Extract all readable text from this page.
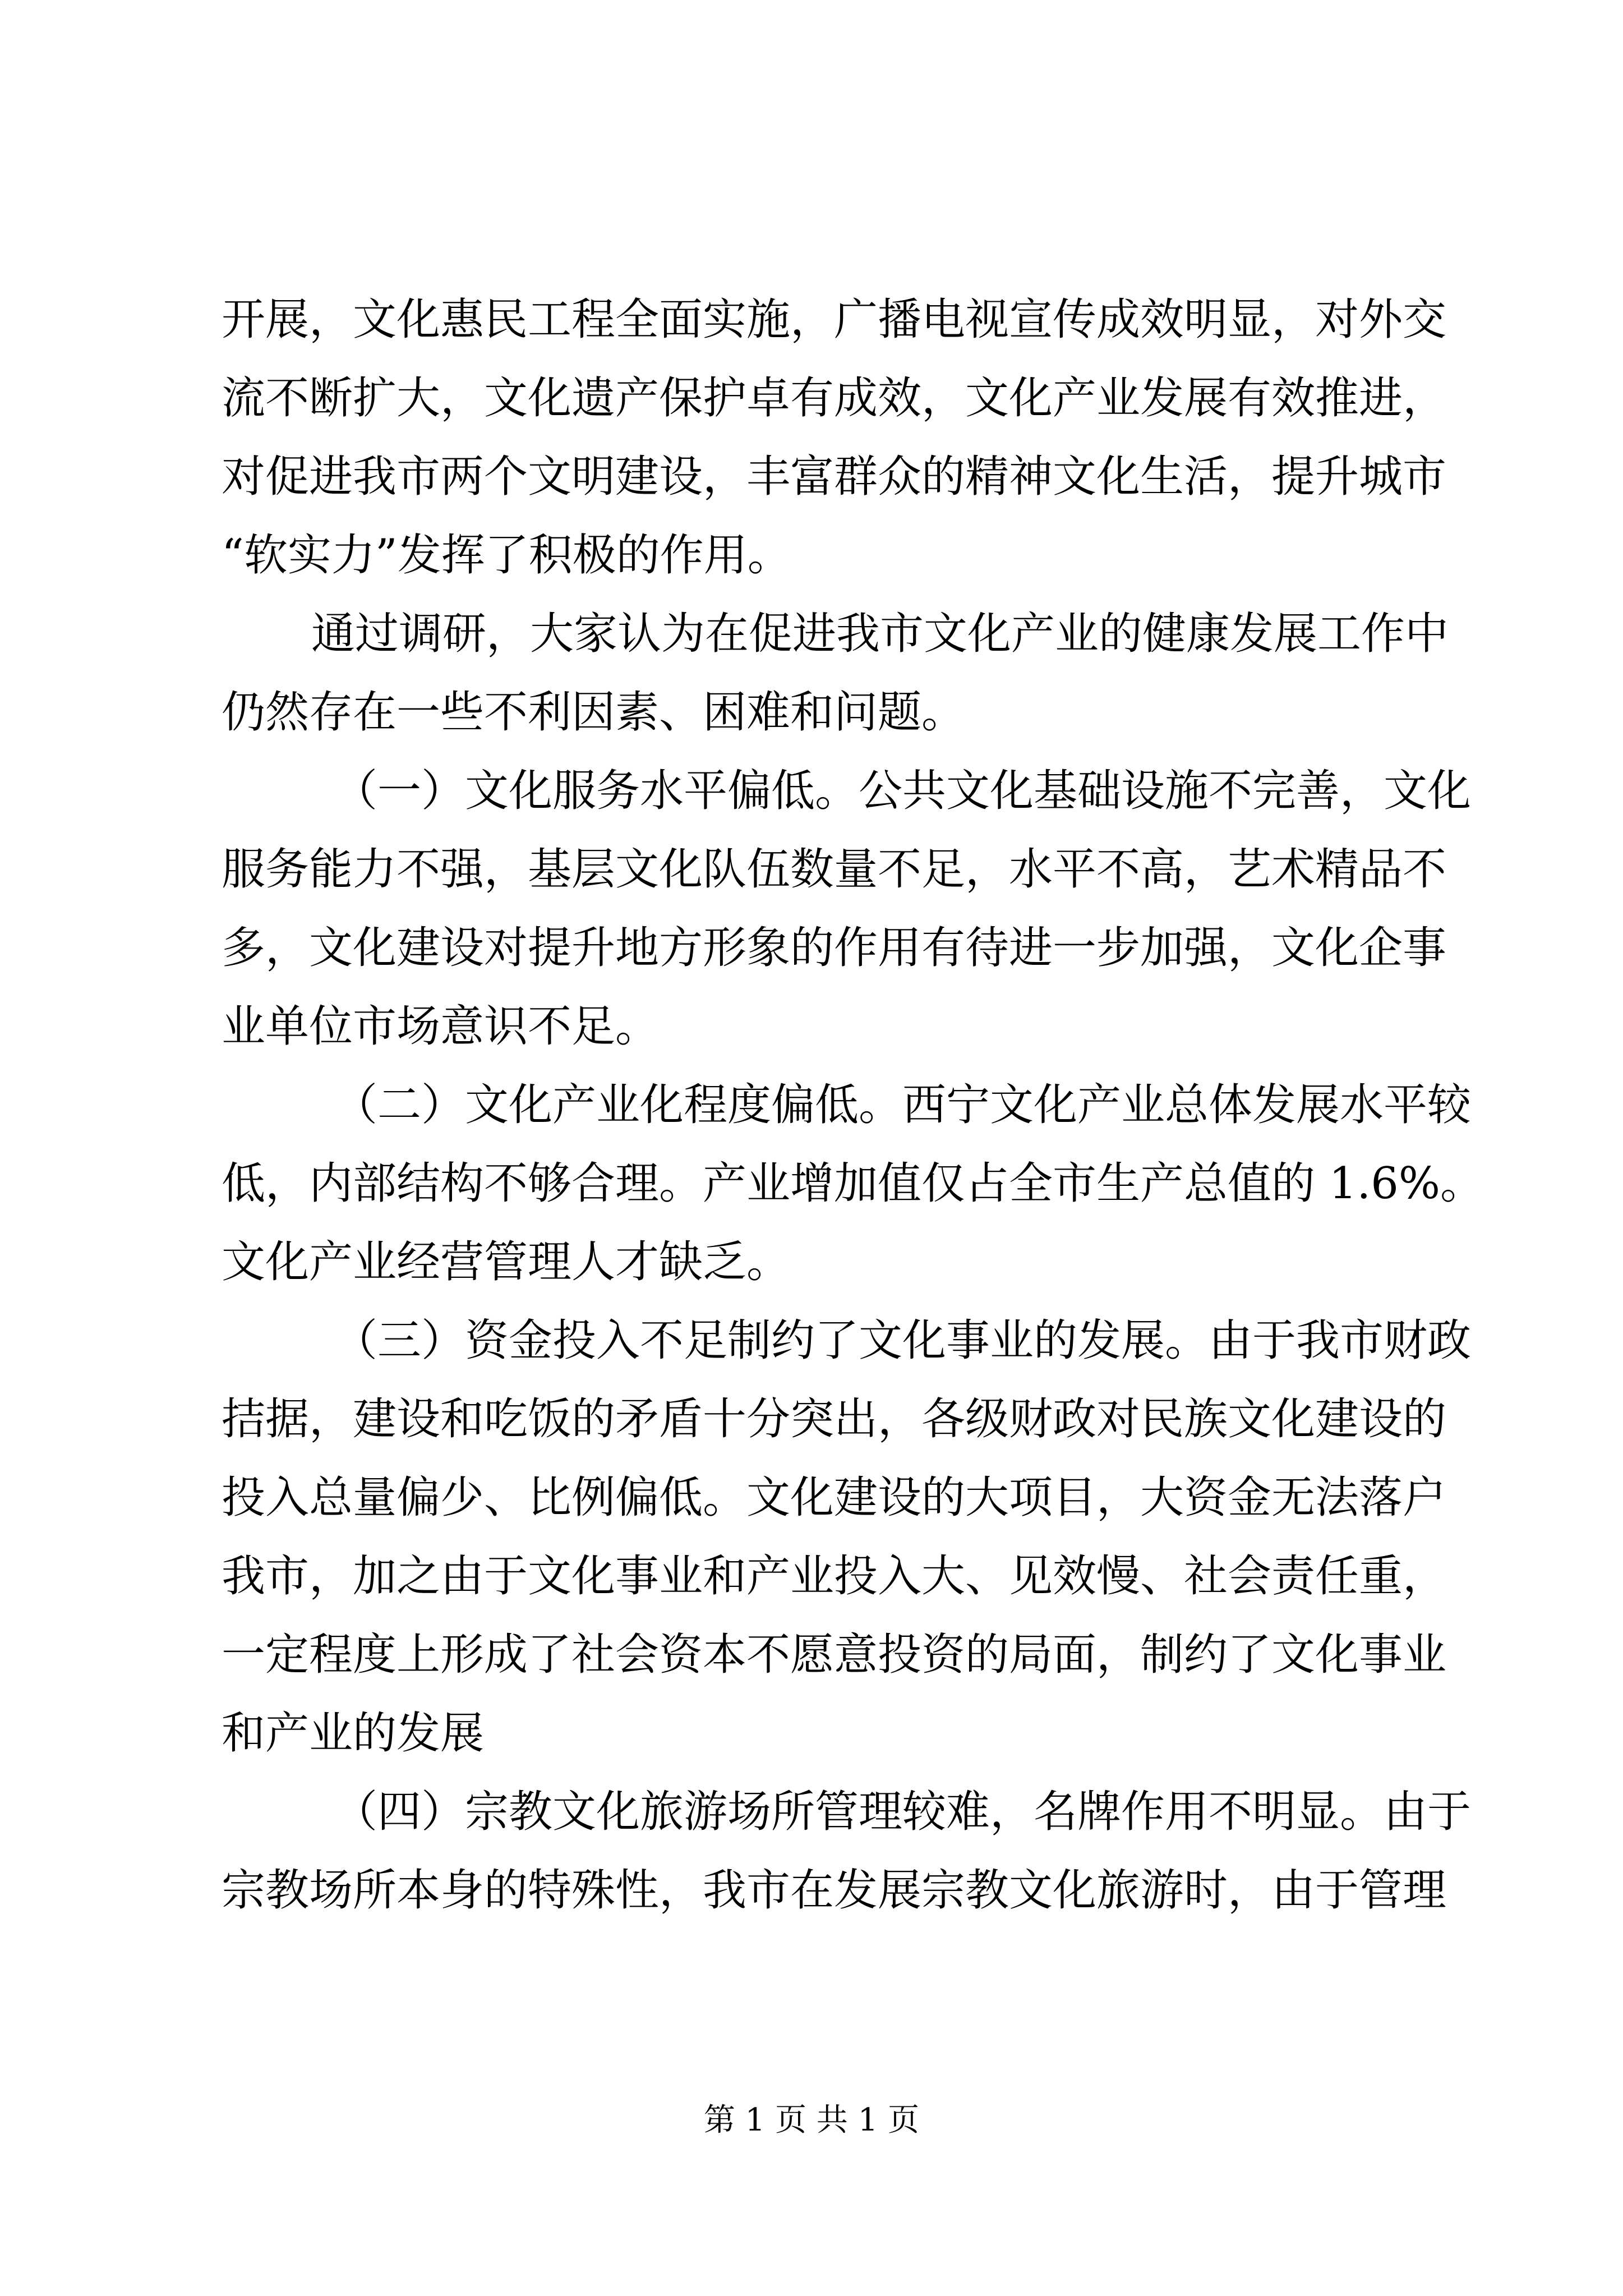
开展，文化惠民工程全面实施，广播电视宣传成效明显，对外交
流不断扩大，文化遗产保护卓有成效，文化产业发展有效推进，
对促进我市两个文明建设，丰富群众的精神文化生活，提升城市
“软实力”发挥了积极的作用。
通过调研，大家认为在促进我市文化产业的健康发展工作中
仍然存在一些不利因素、困难和问题。
（一）文化服务水平偏低。公共文化基础设施不完善，文化
服务能力不强，基层文化队伍数量不足，水平不高，艺术精品不
多，文化建设对提升地方形象的作用有待进一步加强，文化企事
业单位市场意识不足。
（二）文化产业化程度偏低。西宁文化产业总体发展水平较
低，内部结构不够合理。产业增加值仅占全市生产总值的 1.6%。
文化产业经营管理人才缺乏。
（三）资金投入不足制约了文化事业的发展。由于我市财政
拮据，建设和吃饭的矛盾十分突出，各级财政对民族文化建设的
投入总量偏少、比例偏低。文化建设的大项目，大资金无法落户
我市，加之由于文化事业和产业投入大、见效慢、社会责任重，
一定程度上形成了社会资本不愿意投资的局面，制约了文化事业
和产业的发展
（四）宗教文化旅游场所管理较难，名牌作用不明显。由于
宗教场所本身的特殊性，我市在发展宗教文化旅游时，由于管理
第 1 页 共 1 页
